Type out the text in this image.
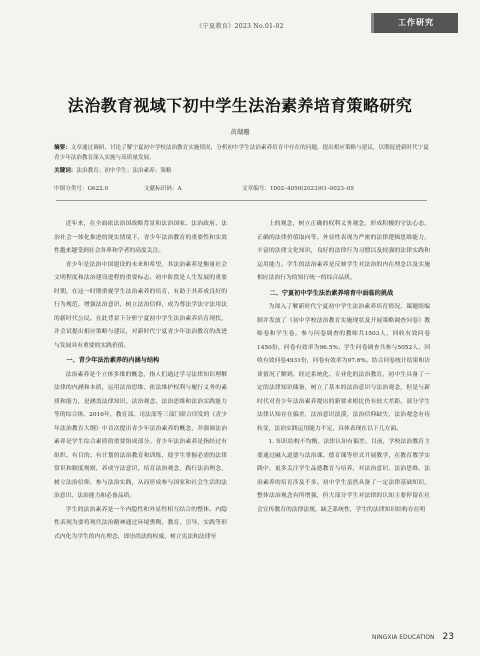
《宁夏教育》2023 No.01-02	工作研究
法治教育视域下初中学生法治素养培育策略研究
黄瑚珊
摘要：文章通过调研，讨论了解宁夏初中学校法治教育实施情况，分析初中学生法治素养培育中存在的问题，提出相应策略与建议，以期促进新时代宁夏青少年法治教育深入实施与高质量发展。
关键词：法治教育；初中学生；法治素养；策略
中图分类号：G622.0	文献标识码：A	文章编号：1002–4050(2023)01–0023–05

近年来，在全面依法治国战略背景和法治国家、法治政府、法治社会一体化推进的现实情境下，青少年法治教育的重要性和实效性越来越受到社会各界和学者的高度关注。

青少年是法治中国建设的未来和希望，其法治素养是衡量社会文明程度和法治建设进程的重要标志。初中阶段是人生发展的重要时期，在这一时期重视学生法治素养的培育，有助于其养成良好的行为规范，增强法治意识，树立法治信仰，成为尊法学法守法用法的新时代公民。在此背景下分析宁夏初中学生法治素养培育现状，并会试提出相应策略与建议，对新时代宁夏青少年法治教育的改进与发展具有重要的实践价值。

一、青少年法治素养的内涵与结构

法治素养是个立体多维的概念，指人们通过学习法律知识理解法律的内涵和本质，运用法治思维、依法维护权利与履行义务的素质和能力，是涵盖法律知识、法治观念、法治思维和法治实践能力等的综合体。2016年，教育部、司法部等三部门联合印发的《青少年法治教育大纲》中首次提出青少年法治素养的概念，并强调法治素养是学生综合素质的重要组成部分。青少年法治素养是指经过有组织、有目的、有计划的法治教育和训练，使学生掌握必需的法律常识和制度规则，养成守法意识，培育法治观念，践行法治理念，树立法治信仰，参与法治实践，从而形成参与国家和社会生活的法治意识、法治能力和必备品质。

学生的法治素养是一个内隐性和外显性相互结合的整体。内隐性表现为要将现代法治精神通过环境熏陶，教育，引导，实践等形式内化为学生的内在理念，即崇尚法的权威，树立宪法和法律至

上的观念，树立正确的权利义务观念，形成积极的守法心态，正确的法律价值取向等。外显性表现为严密的法律逻辑思维能力，丰富的法律文化知识，良好的法律行为习惯以及较强的法律实践和运用能力。学生的法治素养是反映学生对法治的内在理念以及实施相应法治行为的知行统一的综合品质。

二、宁夏初中学生法治素养培育中面临的挑战

为深入了解新时代宁夏初中学生法治素养培育情况，课题组编制并发放了《初中学校法治教育实施现状及开展策略调查问卷》教师卷和学生卷。参与问卷调查的教师共1503人，回收有效问卷1450份，问卷有效率为96.5%；学生问卷调查共参与5052人，回收有效问卷4931份，问卷有效率为97.6%。结合问卷统计结果和访谈情况了解到，经过系统化、专业化的法治教育，初中生具备了一定的法律知识储备，树立了基本的法治意识与法治观念，但是与新时代对青少年法治素养提出的新要求相比仍有较大差距。部分学生法律认知存在偏差，法治意识淡漠，法治信仰缺失，法治观念有待转变，法治实践运用能力不足，具体表现在以下几方面。

1. 知识结构不均衡，法律认知有偏差。目前，学校法治教育主要通过融入道德与法治课、德育课等形式开展教学，在教育教学实践中，更多关注学生品德教育与培养，对法治意识、法治思维、法治素养的培育涉及不多。初中学生虽然具备了一定法律基础知识，整体法治观念有所增强，但大部分学生对法律的认知主要停留在社会宣传教育的法律法规，缺乏系统性，学生的法律知识结构存在明

NINGXIA EDUCATION 23
